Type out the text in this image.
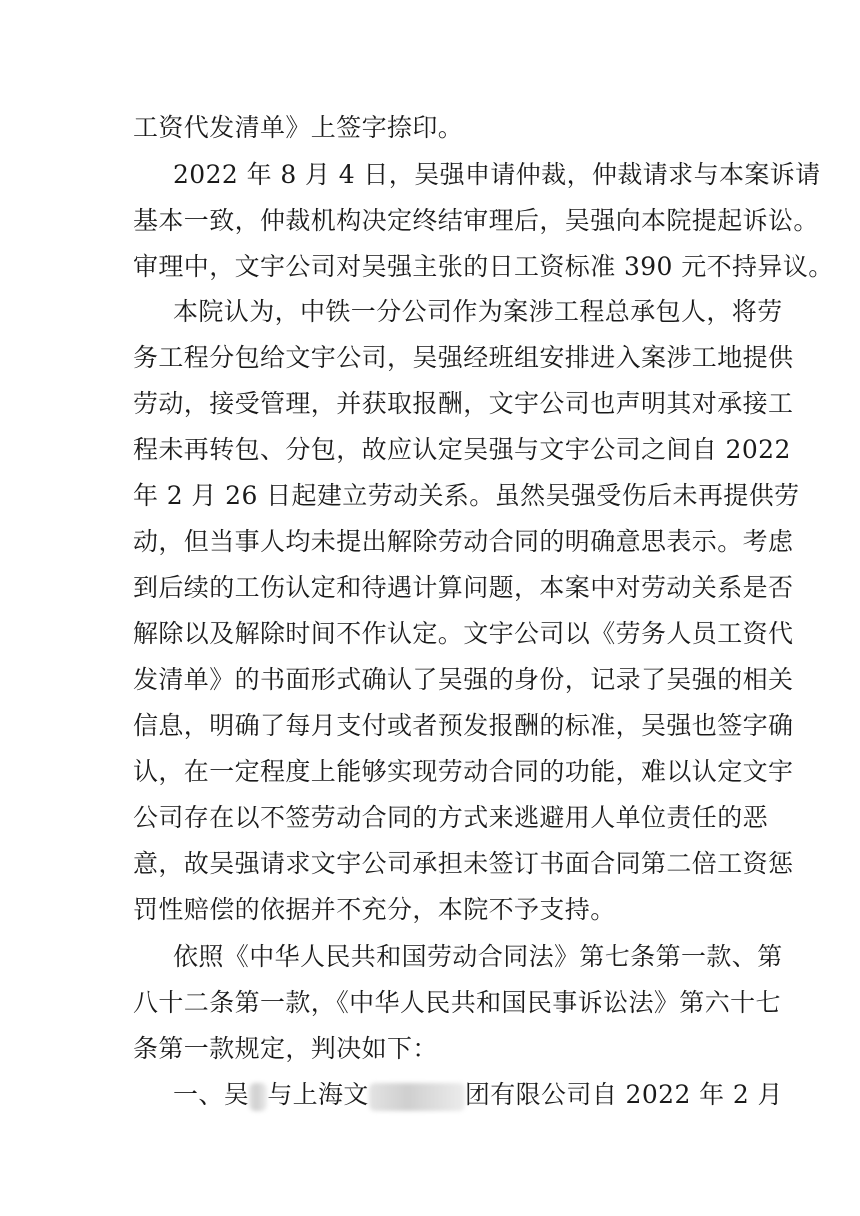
工资代发清单》上签字捺印。
2022 年 8 月 4 日，吴强申请仲裁，仲裁请求与本案诉请
基本一致，仲裁机构决定终结审理后，吴强向本院提起诉讼。
审理中，文宇公司对吴强主张的日工资标准 390 元不持异议。
本院认为，中铁一分公司作为案涉工程总承包人，将劳
务工程分包给文宇公司，吴强经班组安排进入案涉工地提供
劳动，接受管理，并获取报酬，文宇公司也声明其对承接工
程未再转包、分包，故应认定吴强与文宇公司之间自 2022
年 2 月 26 日起建立劳动关系。虽然吴强受伤后未再提供劳
动，但当事人均未提出解除劳动合同的明确意思表示。考虑
到后续的工伤认定和待遇计算问题，本案中对劳动关系是否
解除以及解除时间不作认定。文宇公司以《劳务人员工资代
发清单》的书面形式确认了吴强的身份，记录了吴强的相关
信息，明确了每月支付或者预发报酬的标准，吴强也签字确
认，在一定程度上能够实现劳动合同的功能，难以认定文宇
公司存在以不签劳动合同的方式来逃避用人单位责任的恶
意，故吴强请求文宇公司承担未签订书面合同第二倍工资惩
罚性赔偿的依据并不充分，本院不予支持。
依照《中华人民共和国劳动合同法》第七条第一款、第
八十二条第一款，《中华人民共和国民事诉讼法》第六十七
条第一款规定，判决如下：
一、吴 与上海文	团有限公司自 2022 年 2 月
